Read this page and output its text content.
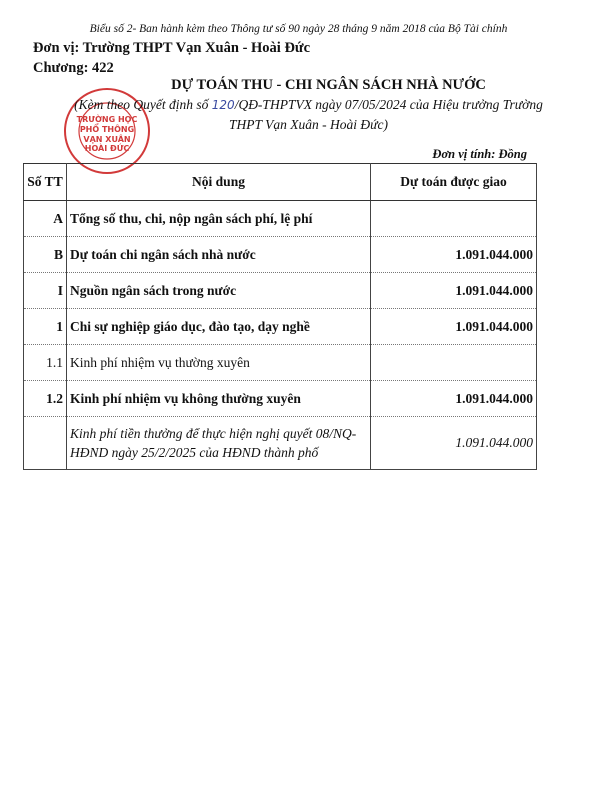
Biểu số 2- Ban hành kèm theo Thông tư số 90 ngày 28 tháng 9 năm 2018 của Bộ Tài chính
Đơn vị: Trường THPT Vạn Xuân - Hoài Đức
Chương: 422
TRƯỜNG HỌC
PHỔ THÔNG
VẠN XUÂN
HOÀI ĐỨC
DỰ TOÁN THU - CHI NGÂN SÁCH NHÀ NƯỚC
(Kèm theo Quyết định số 120/QĐ-THPTVX ngày 07/05/2024 của Hiệu trưởng Trường
THPT Vạn Xuân - Hoài Đức)
Đơn vị tính: Đồng
Số TT	Nội dung	Dự toán được giao
A	Tổng số thu, chi, nộp ngân sách phí, lệ phí	
B	Dự toán chi ngân sách nhà nước	1.091.044.000
I	Nguồn ngân sách trong nước	1.091.044.000
1	Chi sự nghiệp giáo dục, đào tạo, dạy nghề	1.091.044.000
1.1	Kinh phí nhiệm vụ thường xuyên	
1.2	Kinh phí nhiệm vụ không thường xuyên	1.091.044.000
	Kinh phí tiền thưởng để thực hiện nghị quyết 08/NQ-HĐND ngày 25/2/2025 của HĐND thành phố	1.091.044.000
